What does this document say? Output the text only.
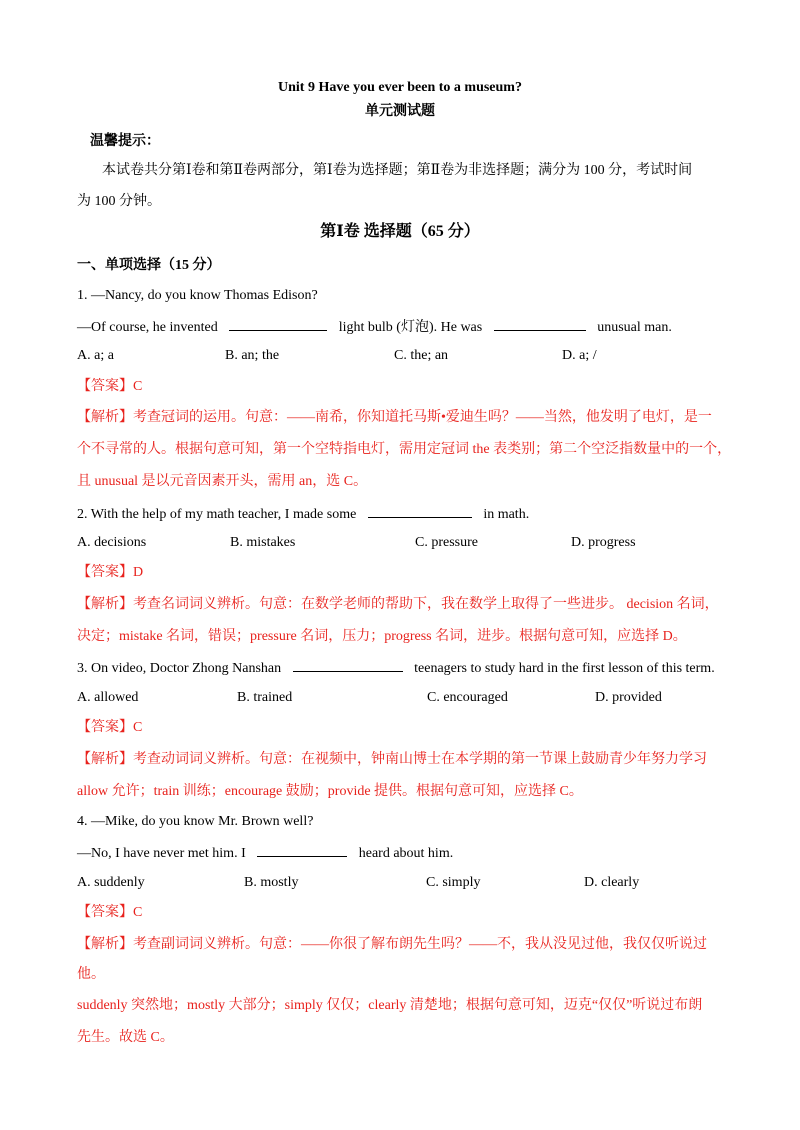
Unit 9 Have you ever been to a museum?
单元测试题
温馨提示：
本试卷共分第Ⅰ卷和第Ⅱ卷两部分，第Ⅰ卷为选择题；第Ⅱ卷为非选择题；满分为 100 分，考试时间
为 100 分钟。
第Ⅰ卷 选择题（65 分）
一、单项选择（15 分）
1. —Nancy, do you know Thomas Edison?
—Of course, he invented	light bulb (灯泡). He was	unusual man.
A. a; a	B. an; the	C. the; an	D. a; /
【答案】C
【解析】考查冠词的运用。句意：——南希，你知道托马斯•爱迪生吗？——当然，他发明了电灯，是一
个不寻常的人。根据句意可知，第一个空特指电灯，需用定冠词 the 表类别；第二个空泛指数量中的一个，
且 unusual 是以元音因素开头，需用 an，选 C。
2. With the help of my math teacher, I made some	in math.
A. decisions	B. mistakes	C. pressure	D. progress
【答案】D
【解析】考查名词词义辨析。句意：在数学老师的帮助下，我在数学上取得了一些进步。 decision 名词，
决定；mistake 名词，错误；pressure 名词，压力；progress 名词，进步。根据句意可知，应选择 D。
3. On video, Doctor Zhong Nanshan	teenagers to study hard in the first lesson of this term.
A. allowed	B. trained	C. encouraged	D. provided
【答案】C
【解析】考查动词词义辨析。句意：在视频中，钟南山博士在本学期的第一节课上鼓励青少年努力学习
allow 允许；train 训练；encourage 鼓励；provide 提供。根据句意可知，应选择 C。
4. —Mike, do you know Mr. Brown well?
—No, I have never met him. I	heard about him.
A. suddenly	B. mostly	C. simply	D. clearly
【答案】C
【解析】考查副词词义辨析。句意：——你很了解布朗先生吗？——不，我从没见过他，我仅仅听说过
他。
suddenly 突然地；mostly 大部分；simply 仅仅；clearly 清楚地；根据句意可知，迈克“仅仅”听说过布朗
先生。故选 C。
